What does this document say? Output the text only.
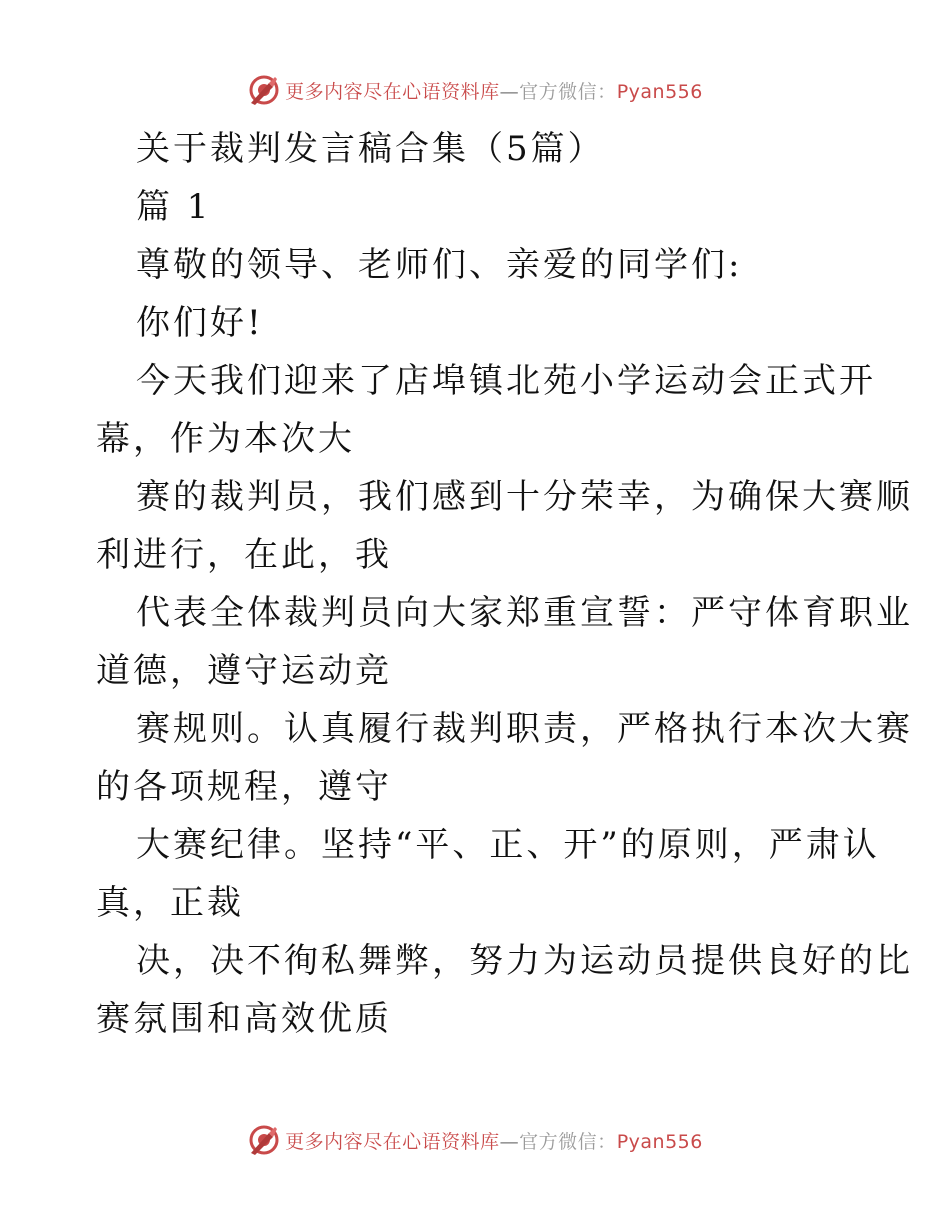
更多内容尽在心语资料库—官方微信：Pyan556
关于裁判发言稿合集（5篇）
篇 1
尊敬的领导、老师们、亲爱的同学们:
你们好!
今天我们迎来了店埠镇北苑小学运动会正式开
幕，作为本次大
赛的裁判员，我们感到十分荣幸，为确保大赛顺
利进行，在此，我
代表全体裁判员向大家郑重宣誓：严守体育职业
道德，遵守运动竞
赛规则。认真履行裁判职责，严格执行本次大赛
的各项规程，遵守
大赛纪律。坚持“平、正、开”的原则，严肃认
真，正裁
决，决不徇私舞弊，努力为运动员提供良好的比
赛氛围和高效优质
更多内容尽在心语资料库—官方微信：Pyan556
